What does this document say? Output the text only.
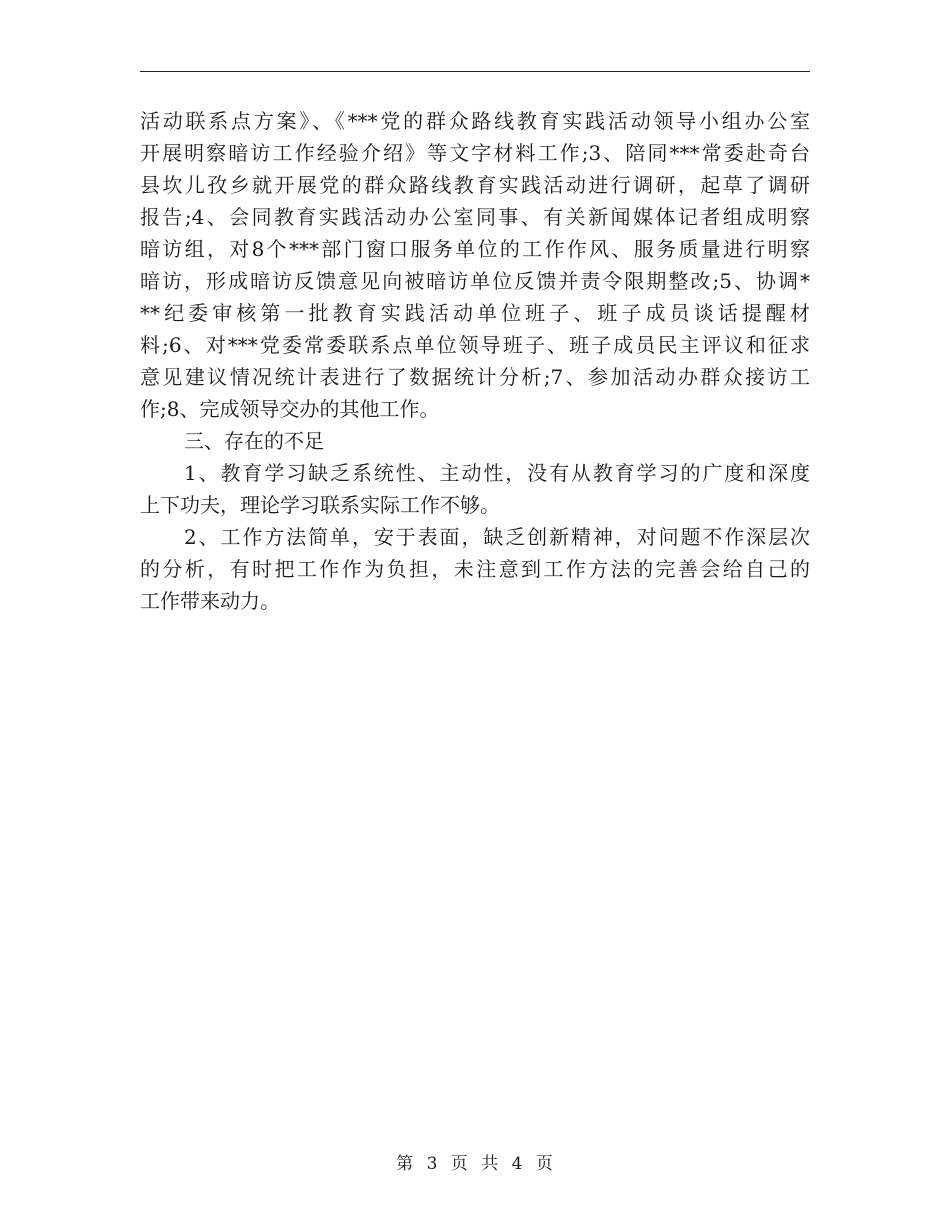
活动联系点方案》、《***党的群众路线教育实践活动领导小组办公室
开展明察暗访工作经验介绍》等文字材料工作;3、陪同***常委赴奇台
县坎儿孜乡就开展党的群众路线教育实践活动进行调研，起草了调研
报告;4、会同教育实践活动办公室同事、有关新闻媒体记者组成明察
暗访组，对8个***部门窗口服务单位的工作作风、服务质量进行明察
暗访，形成暗访反馈意见向被暗访单位反馈并责令限期整改;5、协调*
**纪委审核第一批教育实践活动单位班子、班子成员谈话提醒材
料;6、对***党委常委联系点单位领导班子、班子成员民主评议和征求
意见建议情况统计表进行了数据统计分析;7、参加活动办群众接访工
作;8、完成领导交办的其他工作。
三、存在的不足
1、教育学习缺乏系统性、主动性，没有从教育学习的广度和深度
上下功夫，理论学习联系实际工作不够。
2、工作方法简单，安于表面，缺乏创新精神，对问题不作深层次
的分析，有时把工作作为负担，未注意到工作方法的完善会给自己的
工作带来动力。
第 3 页 共 4 页
